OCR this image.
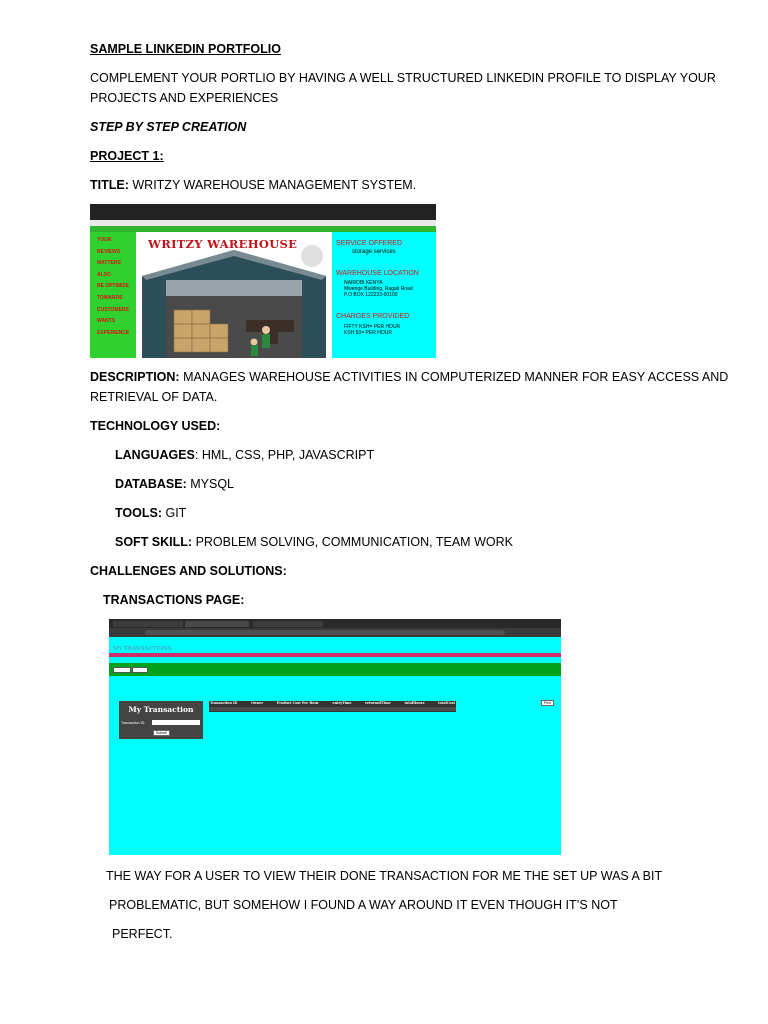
SAMPLE LINKEDIN PORTFOLIO
COMPLEMENT YOUR PORTLIO BY HAVING A WELL STRUCTURED LINKEDIN PROFILE TO DISPLAY YOUR
PROJECTS AND EXPERIENCES
STEP BY STEP CREATION
PROJECT 1:
TITLE: WRITZY WAREHOUSE MANAGEMENT SYSTEM.
YOUR
REVIEWS
MATTERS
ALSO
RE OPTIMIZE
TOWARDS
CUSTOMERS
WANTS
EXPERIENCE
WRITZY WAREHOUSE	SERVICE OFFERED
storage services
WAREHOUSE LOCATION
NAIROBI KENYA
Mwenge Building, Ragati Road
P.O BOX 122233-00100
CHARGES PROVIDED
FIFTY KSH= PER HOUR
KSH 50= PER HOUR
DESCRIPTION: MANAGES WAREHOUSE ACTIVITIES IN COMPUTERIZED MANNER FOR EASY ACCESS AND
RETRIEVAL OF DATA.
TECHNOLOGY USED:
LANGUAGES: HML, CSS, PHP, JAVASCRIPT
DATABASE: MYSQL
TOOLS: GIT
SOFT SKILL: PROBLEM SOLVING, COMMUNICATION, TEAM WORK
CHALLENGES AND SOLUTIONS:
TRANSACTIONS PAGE:
MY TRANSACTIONS
My Transaction
Transaction ID:
Submit
Transaction ID	Owner	Product Cost Per Hour	entryTime	returnedTime	totalHours	totalCost	Print
THE WAY FOR A USER TO VIEW THEIR DONE TRANSACTION FOR ME THE SET UP WAS A BIT
PROBLEMATIC, BUT SOMEHOW I FOUND A WAY AROUND IT EVEN THOUGH IT’S NOT
PERFECT.
